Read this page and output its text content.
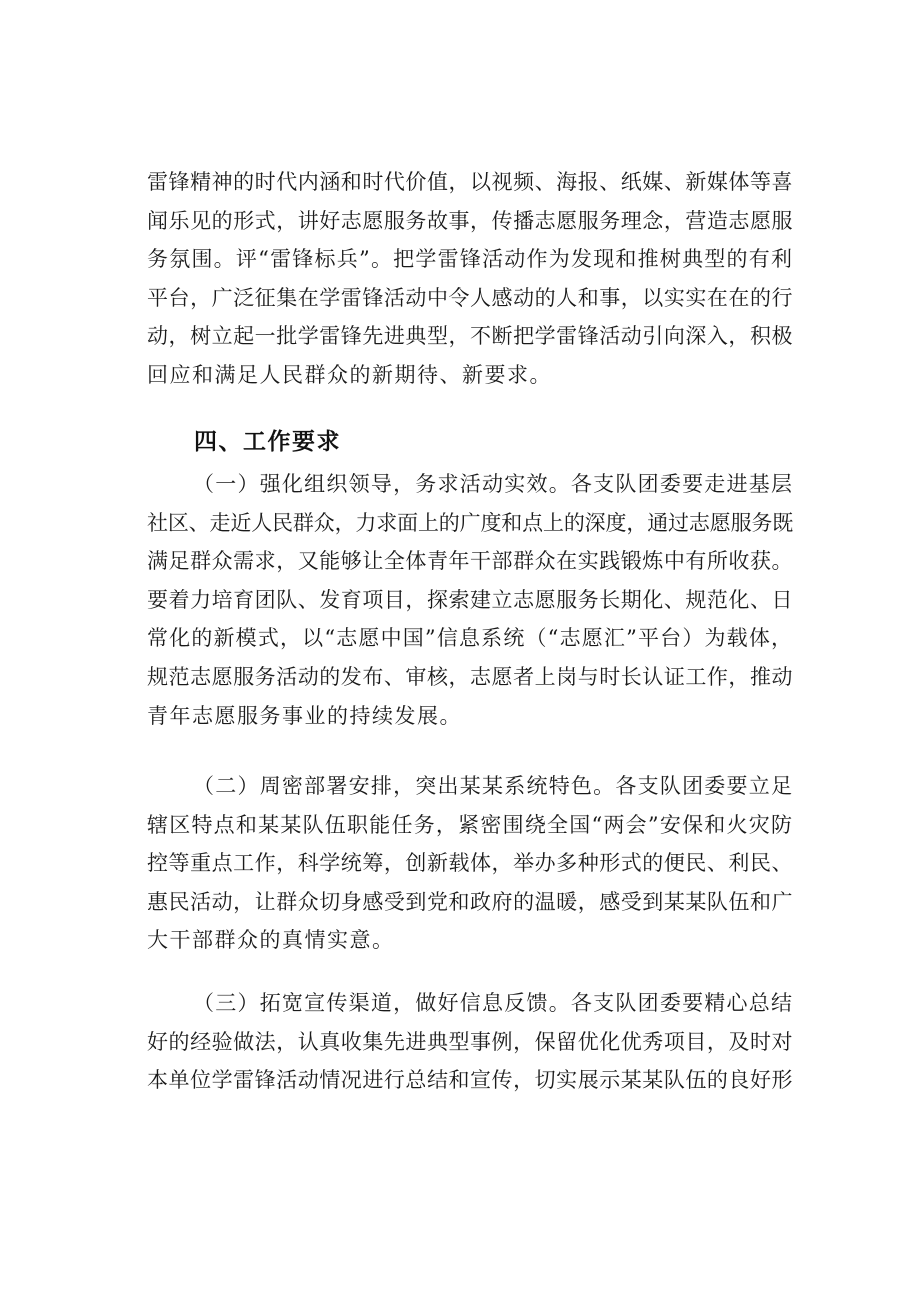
雷锋精神的时代内涵和时代价值，以视频、海报、纸媒、新媒体等喜
闻乐见的形式，讲好志愿服务故事，传播志愿服务理念，营造志愿服
务氛围。评“雷锋标兵”。把学雷锋活动作为发现和推树典型的有利
平台，广泛征集在学雷锋活动中令人感动的人和事，以实实在在的行
动，树立起一批学雷锋先进典型，不断把学雷锋活动引向深入，积极
回应和满足人民群众的新期待、新要求。
四、工作要求
（一）强化组织领导，务求活动实效。各支队团委要走进基层
社区、走近人民群众，力求面上的广度和点上的深度，通过志愿服务既
满足群众需求，又能够让全体青年干部群众在实践锻炼中有所收获。
要着力培育团队、发育项目，探索建立志愿服务长期化、规范化、日
常化的新模式，以“志愿中国”信息系统（“志愿汇”平台）为载体，
规范志愿服务活动的发布、审核，志愿者上岗与时长认证工作，推动
青年志愿服务事业的持续发展。
（二）周密部署安排，突出某某系统特色。各支队团委要立足
辖区特点和某某队伍职能任务，紧密围绕全国“两会”安保和火灾防
控等重点工作，科学统筹，创新载体，举办多种形式的便民、利民、
惠民活动，让群众切身感受到党和政府的温暖，感受到某某队伍和广
大干部群众的真情实意。
（三）拓宽宣传渠道，做好信息反馈。各支队团委要精心总结
好的经验做法，认真收集先进典型事例，保留优化优秀项目，及时对
本单位学雷锋活动情况进行总结和宣传，切实展示某某队伍的良好形
